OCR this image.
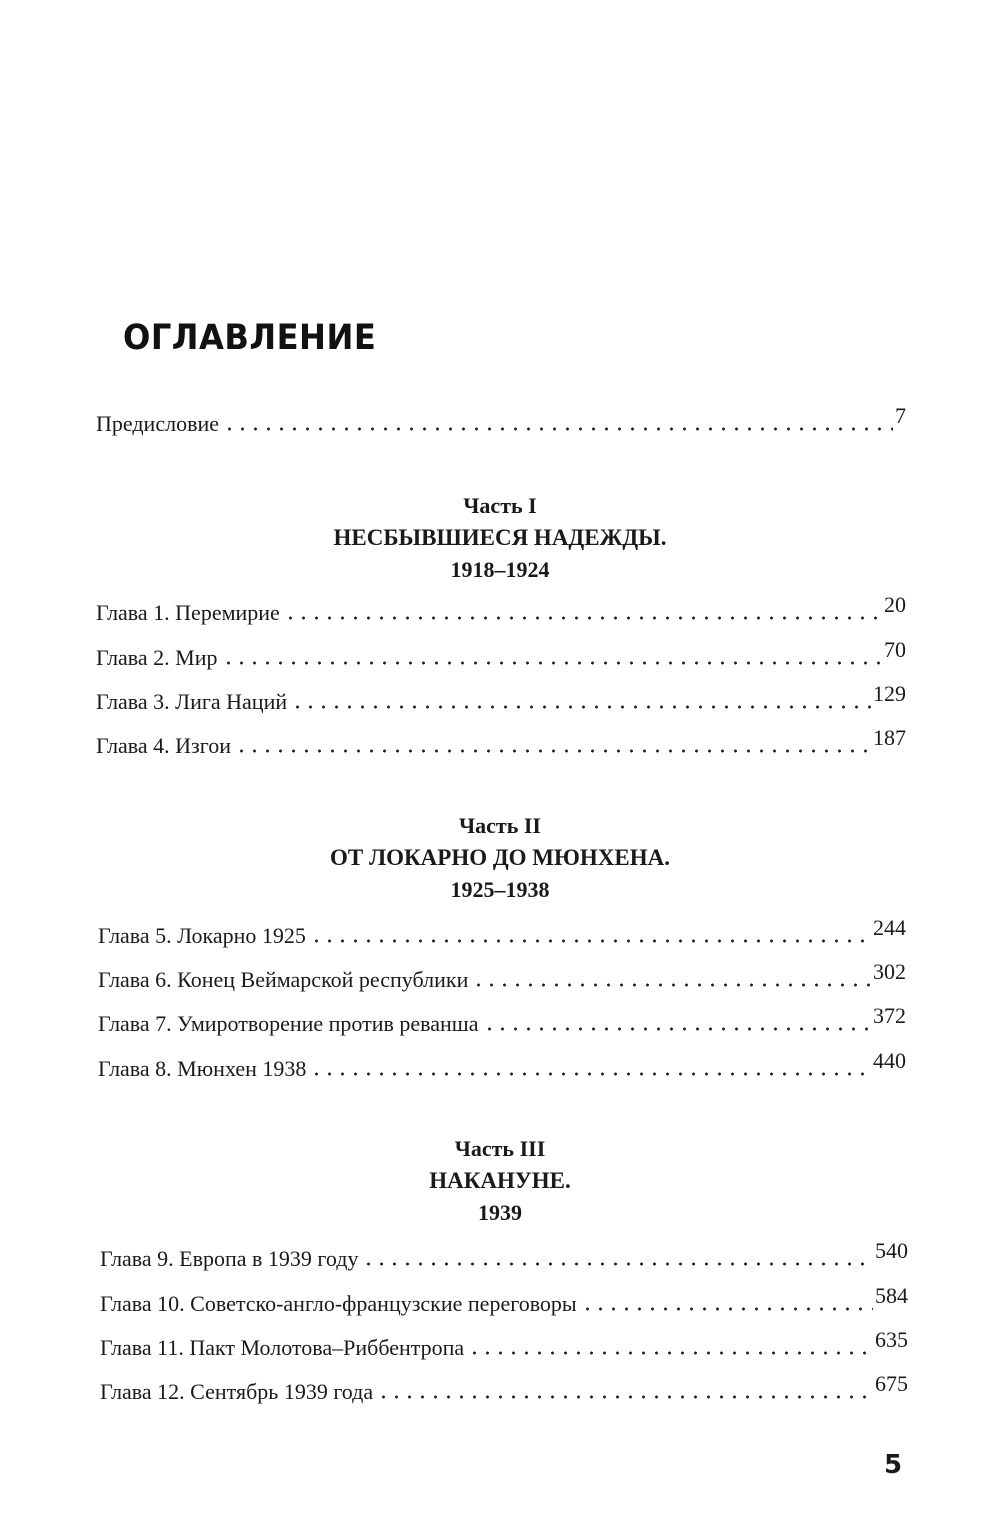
ОГЛАВЛЕНИЕ
Предисловие	7
Часть I
НЕСБЫВШИЕСЯ НАДЕЖДЫ.
1918–1924
Глава 1. Перемирие	20
Глава 2. Мир	70
Глава 3. Лига Наций	129
Глава 4. Изгои	187
Часть II
ОТ ЛОКАРНО ДО МЮНХЕНА.
1925–1938
Глава 5. Локарно 1925	244
Глава 6. Конец Веймарской республики	302
Глава 7. Умиротворение против реванша	372
Глава 8. Мюнхен 1938	440
Часть III
НАКАНУНЕ.
1939
Глава 9. Европа в 1939 году	540
Глава 10. Советско-англо-французские переговоры	584
Глава 11. Пакт Молотова–Риббентропа	635
Глава 12. Сентябрь 1939 года	675
5
